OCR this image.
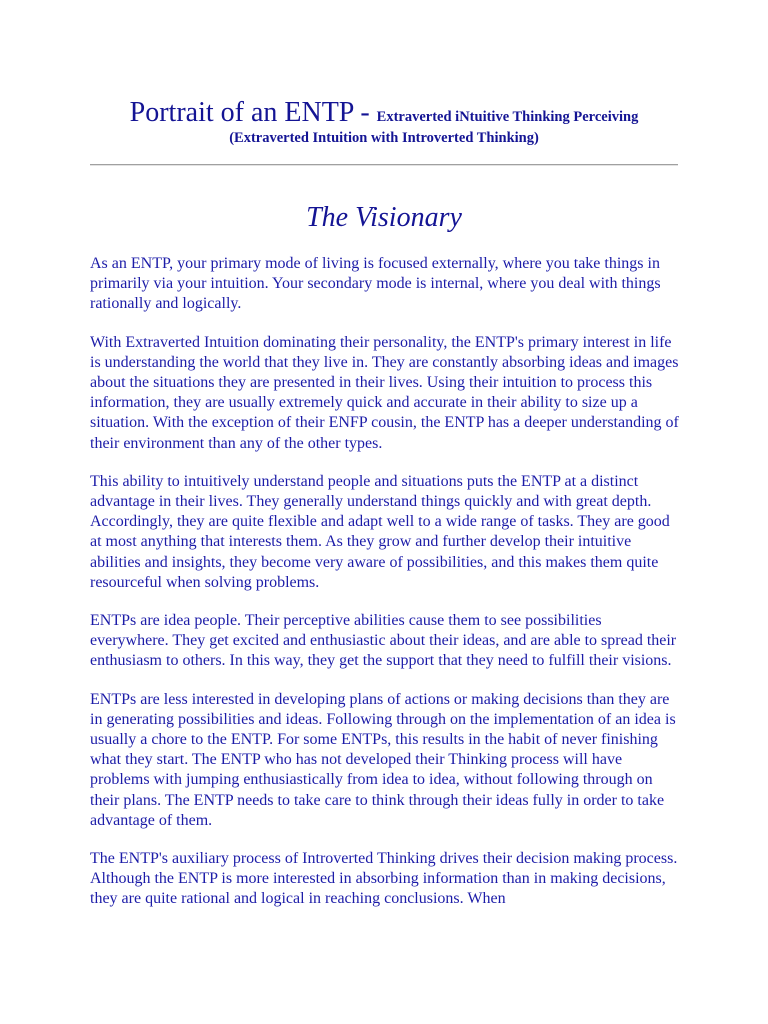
Portrait of an ENTP - Extraverted iNtuitive Thinking Perceiving
(Extraverted Intuition with Introverted Thinking)
The Visionary

As an ENTP, your primary mode of living is focused externally, where you take things in primarily via your intuition. Your secondary mode is internal, where you deal with things rationally and logically.

With Extraverted Intuition dominating their personality, the ENTP's primary interest in life is understanding the world that they live in. They are constantly absorbing ideas and images about the situations they are presented in their lives. Using their intuition to process this information, they are usually extremely quick and accurate in their ability to size up a situation. With the exception of their ENFP cousin, the ENTP has a deeper understanding of their environment than any of the other types.

This ability to intuitively understand people and situations puts the ENTP at a distinct advantage in their lives. They generally understand things quickly and with great depth. Accordingly, they are quite flexible and adapt well to a wide range of tasks. They are good at most anything that interests them. As they grow and further develop their intuitive abilities and insights, they become very aware of possibilities, and this makes them quite resourceful when solving problems.

ENTPs are idea people. Their perceptive abilities cause them to see possibilities everywhere. They get excited and enthusiastic about their ideas, and are able to spread their enthusiasm to others. In this way, they get the support that they need to fulfill their visions.

ENTPs are less interested in developing plans of actions or making decisions than they are in generating possibilities and ideas. Following through on the implementation of an idea is usually a chore to the ENTP. For some ENTPs, this results in the habit of never finishing what they start. The ENTP who has not developed their Thinking process will have problems with jumping enthusiastically from idea to idea, without following through on their plans. The ENTP needs to take care to think through their ideas fully in order to take advantage of them.

The ENTP's auxiliary process of Introverted Thinking drives their decision making process. Although the ENTP is more interested in absorbing information than in making decisions, they are quite rational and logical in reaching conclusions. When
